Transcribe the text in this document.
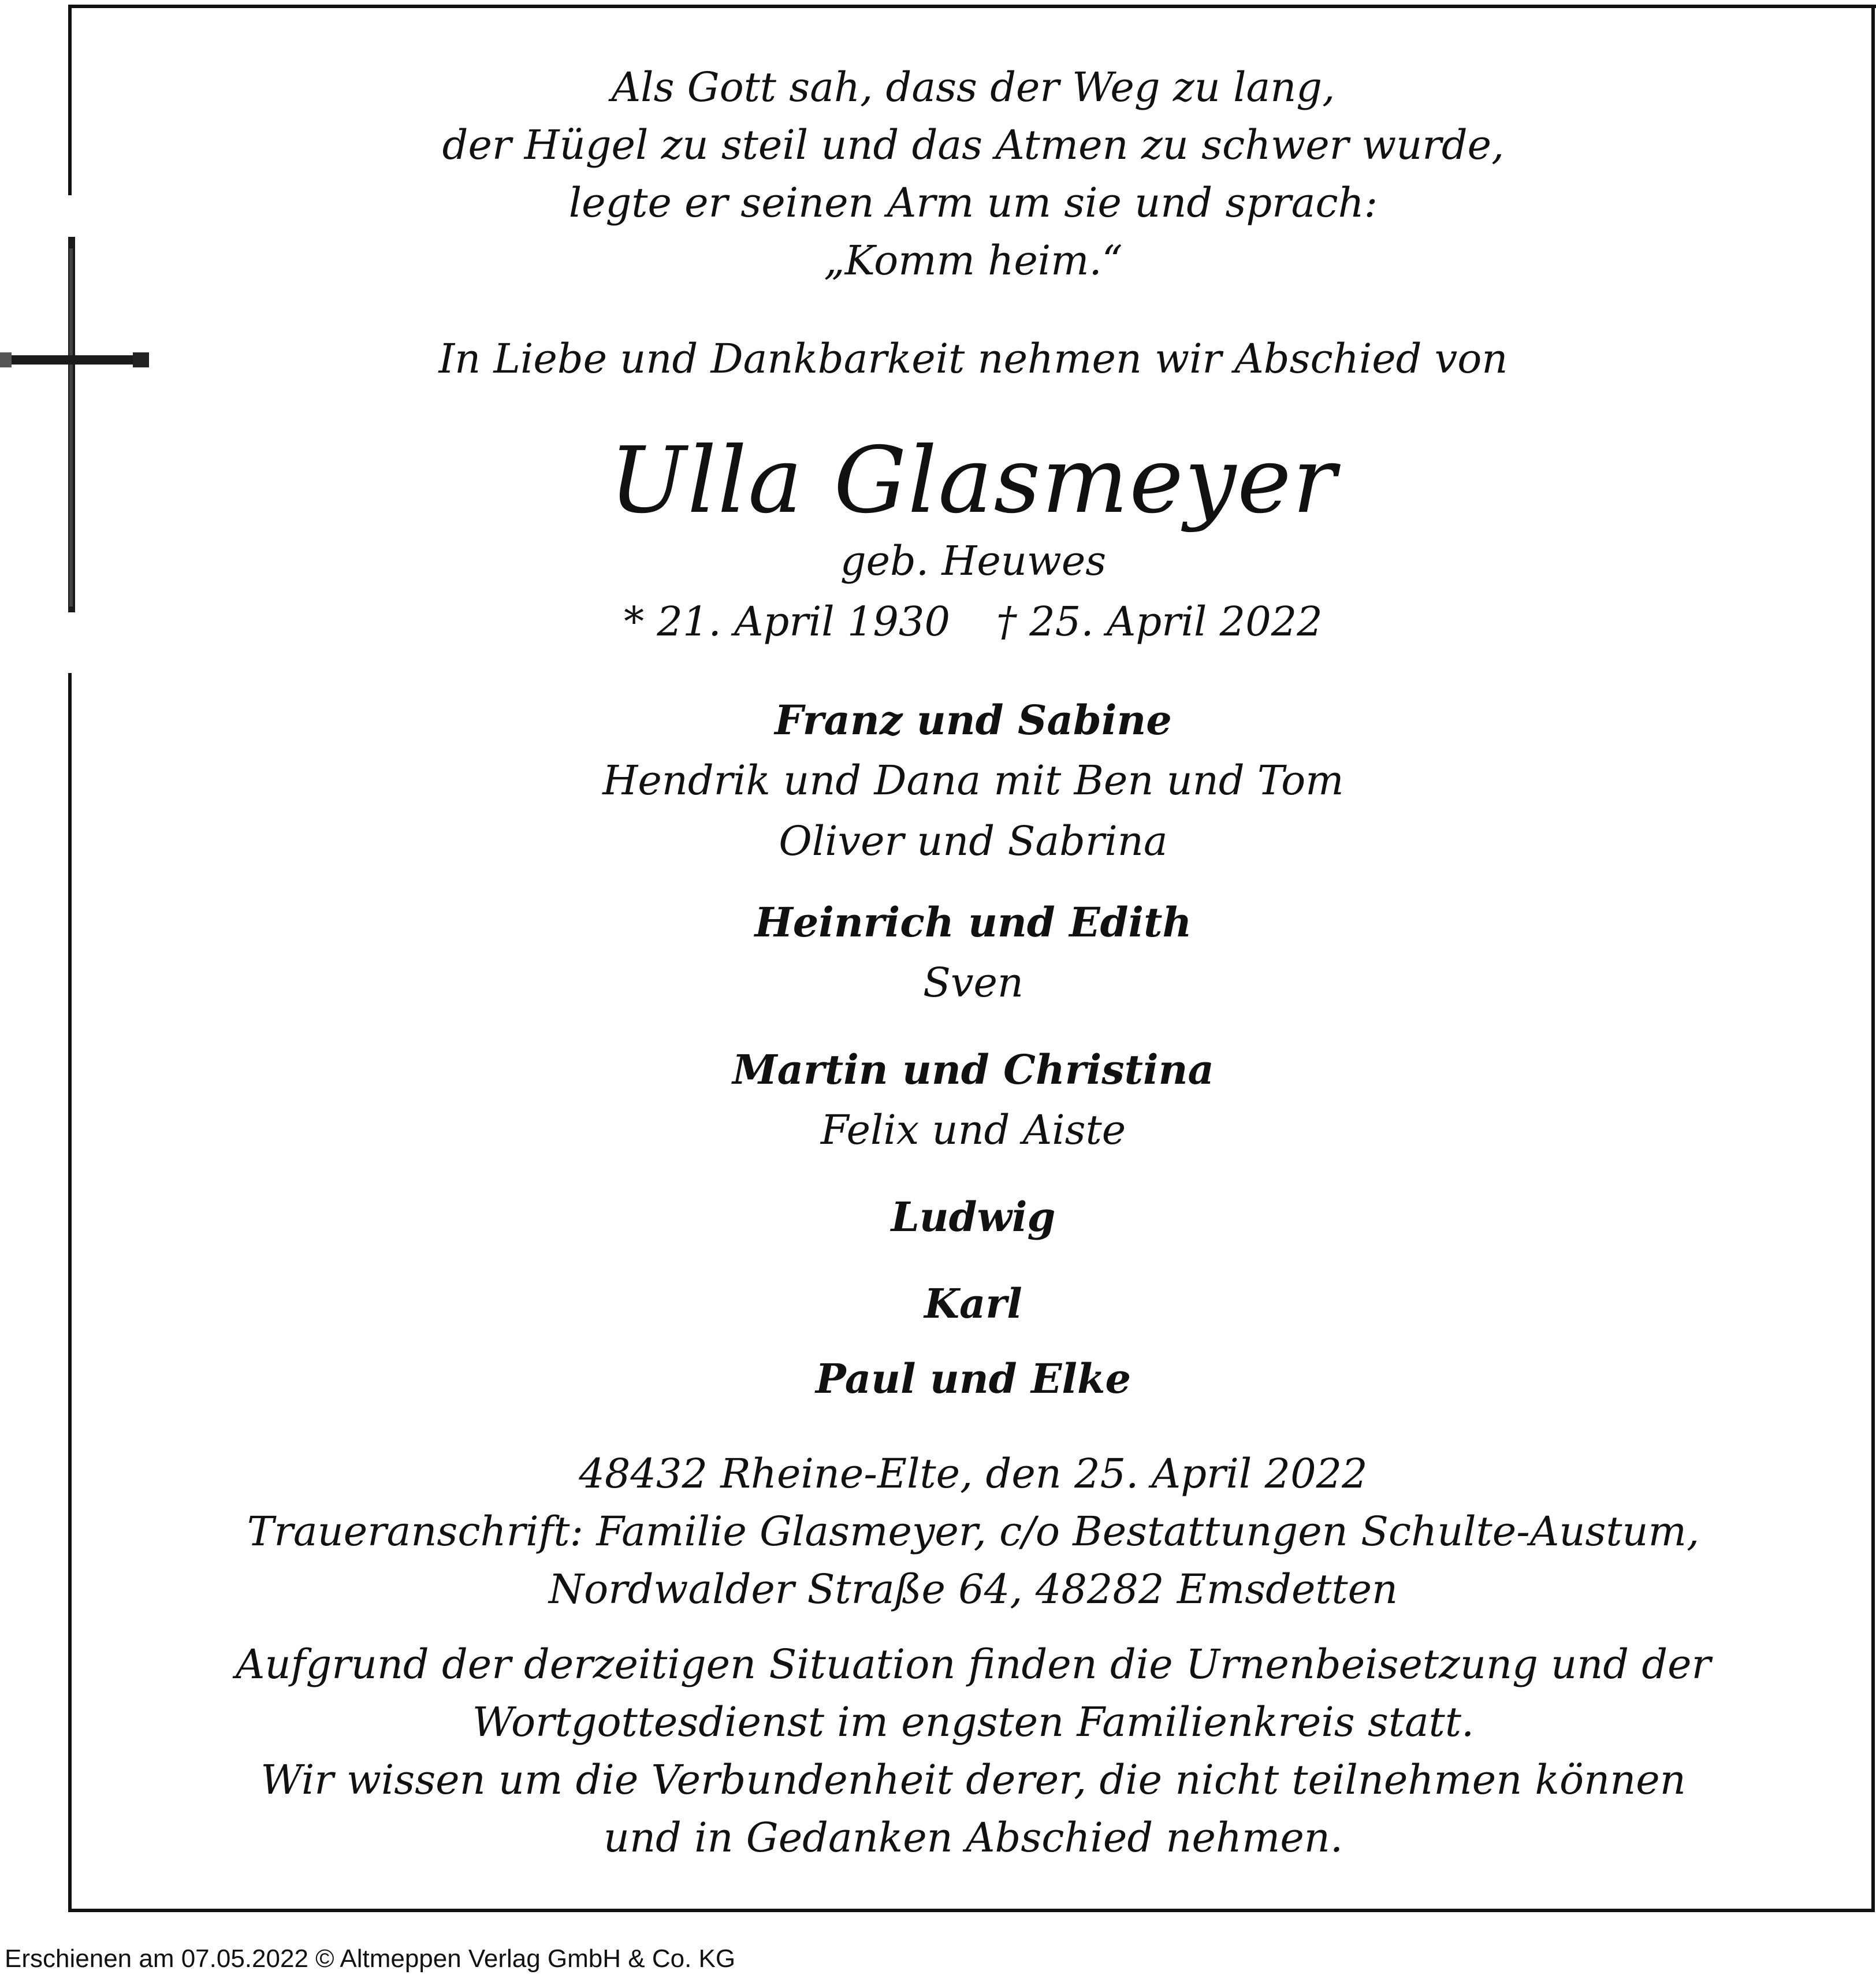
Als Gott sah, dass der Weg zu lang,
der Hügel zu steil und das Atmen zu schwer wurde,
legte er seinen Arm um sie und sprach:
„Komm heim.“
In Liebe und Dankbarkeit nehmen wir Abschied von
Ulla Glasmeyer
geb. Heuwes
* 21. April 1930 † 25. April 2022
Franz und Sabine
Hendrik und Dana mit Ben und Tom
Oliver und Sabrina
Heinrich und Edith
Sven
Martin und Christina
Felix und Aiste
Ludwig
Karl
Paul und Elke
48432 Rheine-Elte, den 25. April 2022
Traueranschrift: Familie Glasmeyer, c/o Bestattungen Schulte-Austum,
Nordwalder Straße 64, 48282 Emsdetten
Aufgrund der derzeitigen Situation finden die Urnenbeisetzung und der
Wortgottesdienst im engsten Familienkreis statt.
Wir wissen um die Verbundenheit derer, die nicht teilnehmen können
und in Gedanken Abschied nehmen.
Erschienen am 07.05.2022 © Altmeppen Verlag GmbH & Co. KG
